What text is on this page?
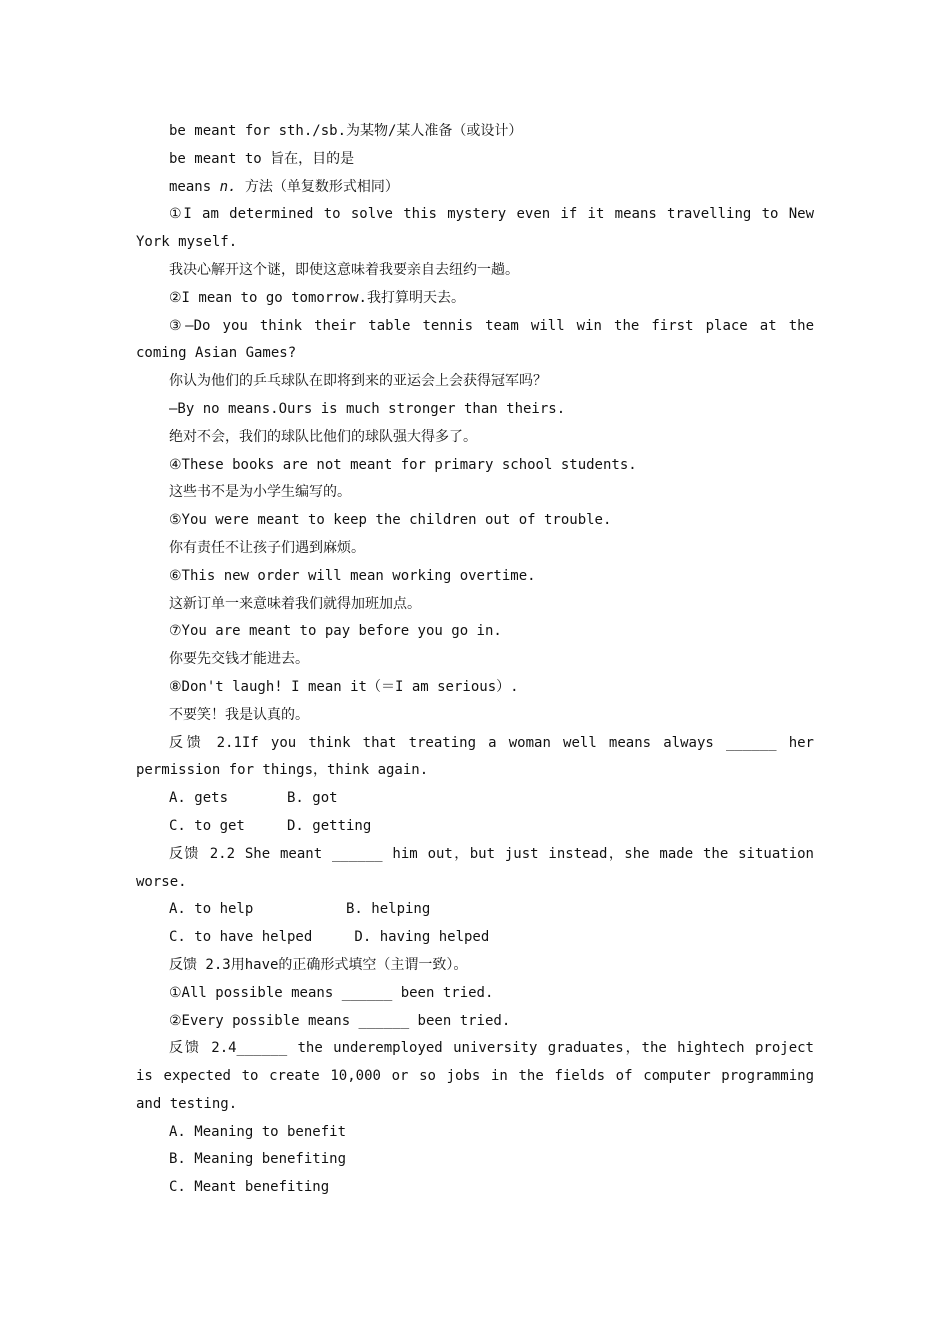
be meant for sth./sb.为某物/某人准备（或设计）

be meant to 旨在，目的是

means n. 方法（单复数形式相同）

①I am determined to solve this mystery even if it means travelling to New York myself.

我决心解开这个谜，即使这意味着我要亲自去纽约一趟。

②I mean to go tomorrow.我打算明天去。

③—Do you think their table tennis team will win the first place at the coming Asian Games?

你认为他们的乒乓球队在即将到来的亚运会上会获得冠军吗？

—By no means.Ours is much stronger than theirs.

绝对不会，我们的球队比他们的球队强大得多了。

④These books are not meant for primary school students.

这些书不是为小学生编写的。

⑤You were meant to keep the children out of trouble.

你有责任不让孩子们遇到麻烦。

⑥This new order will mean working overtime.

这新订单一来意味着我们就得加班加点。

⑦You are meant to pay before you go in.

你要先交钱才能进去。

⑧Don't laugh! I mean it（＝I am serious）.

不要笑！我是认真的。

反馈 2.1If you think that treating a woman well means always ______ her permission for things，think again.

A. gets       B. got

C. to get     D. getting

反馈 2.2 She meant ______ him out，but just instead，she made the situation worse.

A. to help           B. helping

C. to have helped     D. having helped

反馈 2.3用have的正确形式填空（主谓一致）。

①All possible means ______ been tried.

②Every possible means ______ been tried.

反馈 2.4______ the underemployed university graduates，the hightech project is expected to create 10,000 or so jobs in the fields of computer programming and testing.

A. Meaning to benefit

B. Meaning benefiting

C. Meant benefiting
